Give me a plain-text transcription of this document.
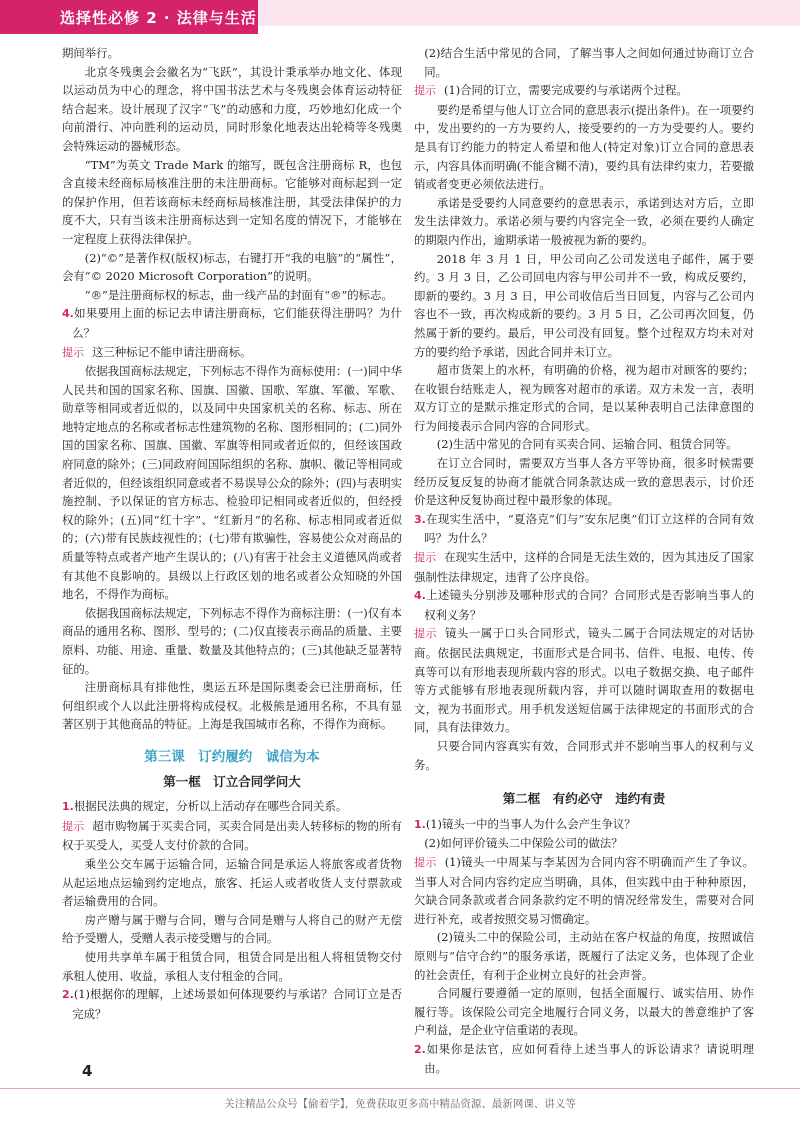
选择性必修 2 · 法律与生活
期间举行。
北京冬残奥会会徽名为“飞跃”，其设计秉承举办地文化、体现以运动员为中心的理念，将中国书法艺术与冬残奥会体育运动特征结合起来。设计展现了汉字“飞”的动感和力度，巧妙地幻化成一个向前滑行、冲向胜利的运动员，同时形象化地表达出轮椅等冬残奥会特殊运动的器械形态。
“TM”为英文 Trade Mark 的缩写，既包含注册商标 R，也包含直接未经商标局核准注册的未注册商标。它能够对商标起到一定的保护作用，但若该商标未经商标局核准注册，其受法律保护的力度不大，只有当该未注册商标达到一定知名度的情况下，才能够在一定程度上获得法律保护。
(2)“©”是著作权(版权)标志，右键打开“我的电脑”的“属性”，会有“© 2020 Microsoft Corporation”的说明。
“®”是注册商标权的标志，曲一线产品的封面有“®”的标志。
4.如果要用上面的标记去申请注册商标，它们能获得注册吗？为什么？
提示 这三种标记不能申请注册商标。
依据我国商标法规定，下列标志不得作为商标使用：(一)同中华人民共和国的国家名称、国旗、国徽、国歌、军旗、军徽、军歌、勋章等相同或者近似的，以及同中央国家机关的名称、标志、所在地特定地点的名称或者标志性建筑物的名称、图形相同的；(二)同外国的国家名称、国旗、国徽、军旗等相同或者近似的，但经该国政府同意的除外；(三)同政府间国际组织的名称、旗帜、徽记等相同或者近似的，但经该组织同意或者不易误导公众的除外；(四)与表明实施控制、予以保证的官方标志、检验印记相同或者近似的，但经授权的除外；(五)同“红十字”、“红新月”的名称、标志相同或者近似的；(六)带有民族歧视性的；(七)带有欺骗性，容易使公众对商品的质量等特点或者产地产生误认的；(八)有害于社会主义道德风尚或者有其他不良影响的。县级以上行政区划的地名或者公众知晓的外国地名，不得作为商标。
依据我国商标法规定，下列标志不得作为商标注册：(一)仅有本商品的通用名称、图形、型号的；(二)仅直接表示商品的质量、主要原料、功能、用途、重量、数量及其他特点的；(三)其他缺乏显著特征的。
注册商标具有排他性，奥运五环是国际奥委会已注册商标，任何组织或个人以此注册将构成侵权。北极熊是通用名称，不具有显著区别于其他商品的特征。上海是我国城市名称，不得作为商标。
第三课　订约履约　诚信为本
第一框　订立合同学问大
1.根据民法典的规定，分析以上活动存在哪些合同关系。
提示 超市购物属于买卖合同，买卖合同是出卖人转移标的物的所有权于买受人，买受人支付价款的合同。
乘坐公交车属于运输合同，运输合同是承运人将旅客或者货物从起运地点运输到约定地点，旅客、托运人或者收货人支付票款或者运输费用的合同。
房产赠与属于赠与合同，赠与合同是赠与人将自己的财产无偿给予受赠人，受赠人表示接受赠与的合同。
使用共享单车属于租赁合同，租赁合同是出租人将租赁物交付承租人使用、收益，承租人支付租金的合同。
2.(1)根据你的理解，上述场景如何体现要约与承诺？合同订立是否完成？
(2)结合生活中常见的合同，了解当事人之间如何通过协商订立合同。
提示 (1)合同的订立，需要完成要约与承诺两个过程。
要约是希望与他人订立合同的意思表示(提出条件)。在一项要约中，发出要约的一方为要约人，接受要约的一方为受要约人。要约是具有订约能力的特定人希望和他人(特定对象)订立合同的意思表示，内容具体而明确(不能含糊不清)，要约具有法律约束力，若要撤销或者变更必须依法进行。
承诺是受要约人同意要约的意思表示，承诺到达对方后，立即发生法律效力。承诺必须与要约内容完全一致，必须在要约人确定的期限内作出，逾期承诺一般被视为新的要约。
2018 年 3 月 1 日，甲公司向乙公司发送电子邮件，属于要约。3 月 3 日，乙公司回电内容与甲公司并不一致，构成反要约，即新的要约。3 月 3 日，甲公司收信后当日回复，内容与乙公司内容也不一致，再次构成新的要约。3 月 5 日，乙公司再次回复，仍然属于新的要约。最后，甲公司没有回复。整个过程双方均未对对方的要约给予承诺，因此合同并未订立。
超市货架上的水杯，有明确的价格，视为超市对顾客的要约；在收银台结账走人，视为顾客对超市的承诺。双方未发一言，表明双方订立的是默示推定形式的合同，是以某种表明自己法律意图的行为间接表示合同内容的合同形式。
(2)生活中常见的合同有买卖合同、运输合同、租赁合同等。
在订立合同时，需要双方当事人各方平等协商，很多时候需要经历反复反复的协商才能就合同条款达成一致的意思表示，讨价还价是这种反复协商过程中最形象的体现。
3.在现实生活中，“夏洛克”们与“安东尼奥”们订立这样的合同有效吗？为什么？
提示 在现实生活中，这样的合同是无法生效的，因为其违反了国家强制性法律规定，违背了公序良俗。
4.上述镜头分别涉及哪种形式的合同？合同形式是否影响当事人的权利义务？
提示 镜头一属于口头合同形式，镜头二属于合同法规定的对话协商。依据民法典规定，书面形式是合同书、信件、电报、电传、传真等可以有形地表现所载内容的形式。以电子数据交换、电子邮件等方式能够有形地表现所载内容，并可以随时调取查用的数据电文，视为书面形式。用手机发送短信属于法律规定的书面形式的合同，具有法律效力。
只要合同内容真实有效，合同形式并不影响当事人的权利与义务。
第二框　有约必守　违约有责
1.(1)镜头一中的当事人为什么会产生争议？
(2)如何评价镜头二中保险公司的做法？
提示 (1)镜头一中周某与李某因为合同内容不明确而产生了争议。当事人对合同内容约定应当明确，具体，但实践中由于种种原因，欠缺合同条款或者合同条款约定不明的情况经常发生，需要对合同进行补充，或者按照交易习惯确定。
(2)镜头二中的保险公司，主动站在客户权益的角度，按照诚信原则与“信守合约”的服务承诺，既履行了法定义务，也体现了企业的社会责任，有利于企业树立良好的社会声誉。
合同履行要遵循一定的原则，包括全面履行、诚实信用、协作履行等。该保险公司完全地履行合同义务，以最大的善意维护了客户利益，是企业守信重诺的表现。
2.如果你是法官，应如何看待上述当事人的诉讼请求？请说明理由。
4
关注精品公众号【偷着学】，免费获取更多高中精品资源、最新网课、讲义等
